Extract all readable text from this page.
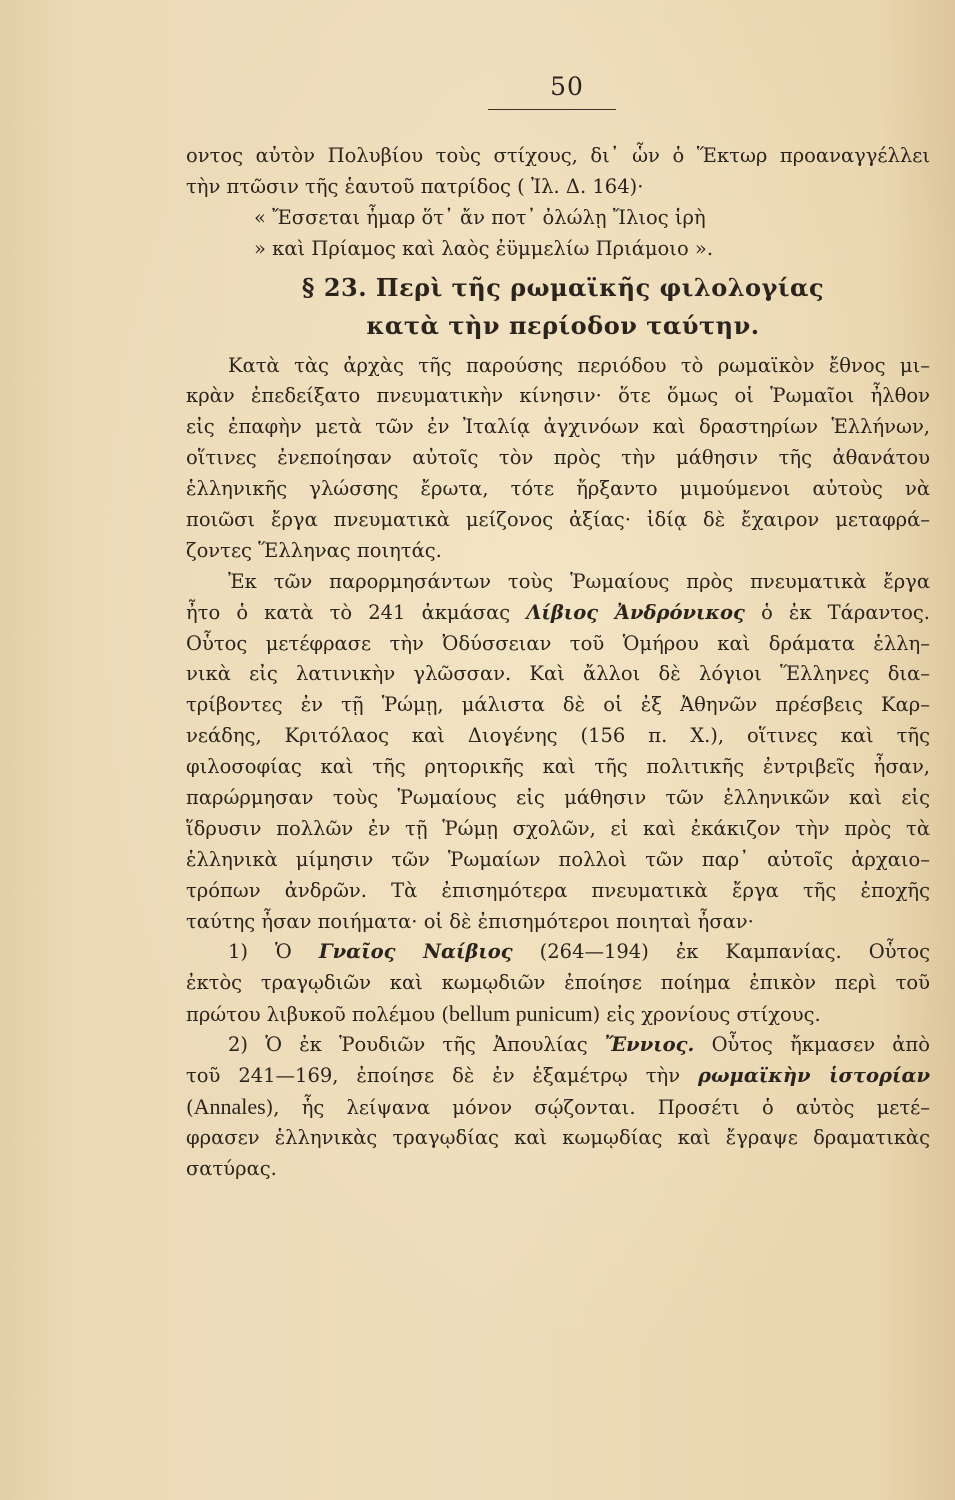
50
οντος αὐτὸν Πολυβίου τοὺς στίχους, δι᾽ ὧν ὁ Ἕκτωρ προαναγγέλλει
τὴν πτῶσιν τῆς ἑαυτοῦ πατρίδος ( Ἰλ. Δ. 164)·
« Ἔσσεται ἦμαρ ὅτ᾽ ἄν ποτ᾽ ὀλώλῃ Ἴλιος ἱρὴ
» καὶ Πρίαμος καὶ λαὸς ἐϋμμελίω Πριάμοιο ».
§ 23. Περὶ τῆς ρωμαϊκῆς φιλολογίας
κατὰ τὴν περίοδον ταύτην.
Κατὰ τὰς ἀρχὰς τῆς παρούσης περιόδου τὸ ρωμαϊκὸν ἔθνος μι–
κρὰν ἐπεδείξατο πνευματικὴν κίνησιν· ὅτε ὅμως οἱ Ῥωμαῖοι ἦλθον
εἰς ἐπαφὴν μετὰ τῶν ἐν Ἰταλίᾳ ἀγχινόων καὶ δραστηρίων Ἑλλήνων,
οἵτινες ἐνεποίησαν αὐτοῖς τὸν πρὸς τὴν μάθησιν τῆς ἀθανάτου
ἑλληνικῆς γλώσσης ἔρωτα, τότε ἤρξαντο μιμούμενοι αὐτοὺς νὰ
ποιῶσι ἔργα πνευματικὰ μείζονος ἀξίας· ἰδίᾳ δὲ ἔχαιρον μεταφρά–
ζοντες Ἕλληνας ποιητάς.
Ἐκ τῶν παρορμησάντων τοὺς Ῥωμαίους πρὸς πνευματικὰ ἔργα
ἦτο ὁ κατὰ τὸ 241 ἀκμάσας Λίβιος Ἀνδρόνικος ὁ ἐκ Τάραντος.
Οὗτος μετέφρασε τὴν Ὀδύσσειαν τοῦ Ὁμήρου καὶ δράματα ἑλλη–
νικὰ εἰς λατινικὴν γλῶσσαν. Καὶ ἄλλοι δὲ λόγιοι Ἕλληνες δια–
τρίβοντες ἐν τῇ Ῥώμῃ, μάλιστα δὲ οἱ ἐξ Ἀθηνῶν πρέσβεις Καρ–
νεάδης, Κριτόλαος καὶ Διογένης (156 π. Χ.), οἵτινες καὶ τῆς
φιλοσοφίας καὶ τῆς ρητορικῆς καὶ τῆς πολιτικῆς ἐντριβεῖς ἦσαν,
παρώρμησαν τοὺς Ῥωμαίους εἰς μάθησιν τῶν ἑλληνικῶν καὶ εἰς
ἵδρυσιν πολλῶν ἐν τῇ Ῥώμῃ σχολῶν, εἰ καὶ ἐκάκιζον τὴν πρὸς τὰ
ἑλληνικὰ μίμησιν τῶν Ῥωμαίων πολλοὶ τῶν παρ᾽ αὐτοῖς ἀρχαιο–
τρόπων ἀνδρῶν. Τὰ ἐπισημότερα πνευματικὰ ἔργα τῆς ἐποχῆς
ταύτης ἦσαν ποιήματα· οἱ δὲ ἐπισημότεροι ποιηταὶ ἦσαν·
1) Ὁ Γναῖος Ναίβιος (264—194) ἐκ Καμπανίας. Οὗτος
ἐκτὸς τραγῳδιῶν καὶ κωμῳδιῶν ἐποίησε ποίημα ἐπικὸν περὶ τοῦ
πρώτου λιβυκοῦ πολέμου (bellum punicum) εἰς χρονίους στίχους.
2) Ὁ ἐκ Ῥουδιῶν τῆς Ἀπουλίας Ἔννιος. Οὗτος ἤκμασεν ἀπὸ
τοῦ 241—169, ἐποίησε δὲ ἐν ἑξαμέτρῳ τὴν ρωμαϊκὴν ἱστορίαν
(Annales), ἧς λείψανα μόνον σῴζονται. Προσέτι ὁ αὐτὸς μετέ–
φρασεν ἑλληνικὰς τραγῳδίας καὶ κωμῳδίας καὶ ἔγραψε δραματικὰς
σατύρας.
